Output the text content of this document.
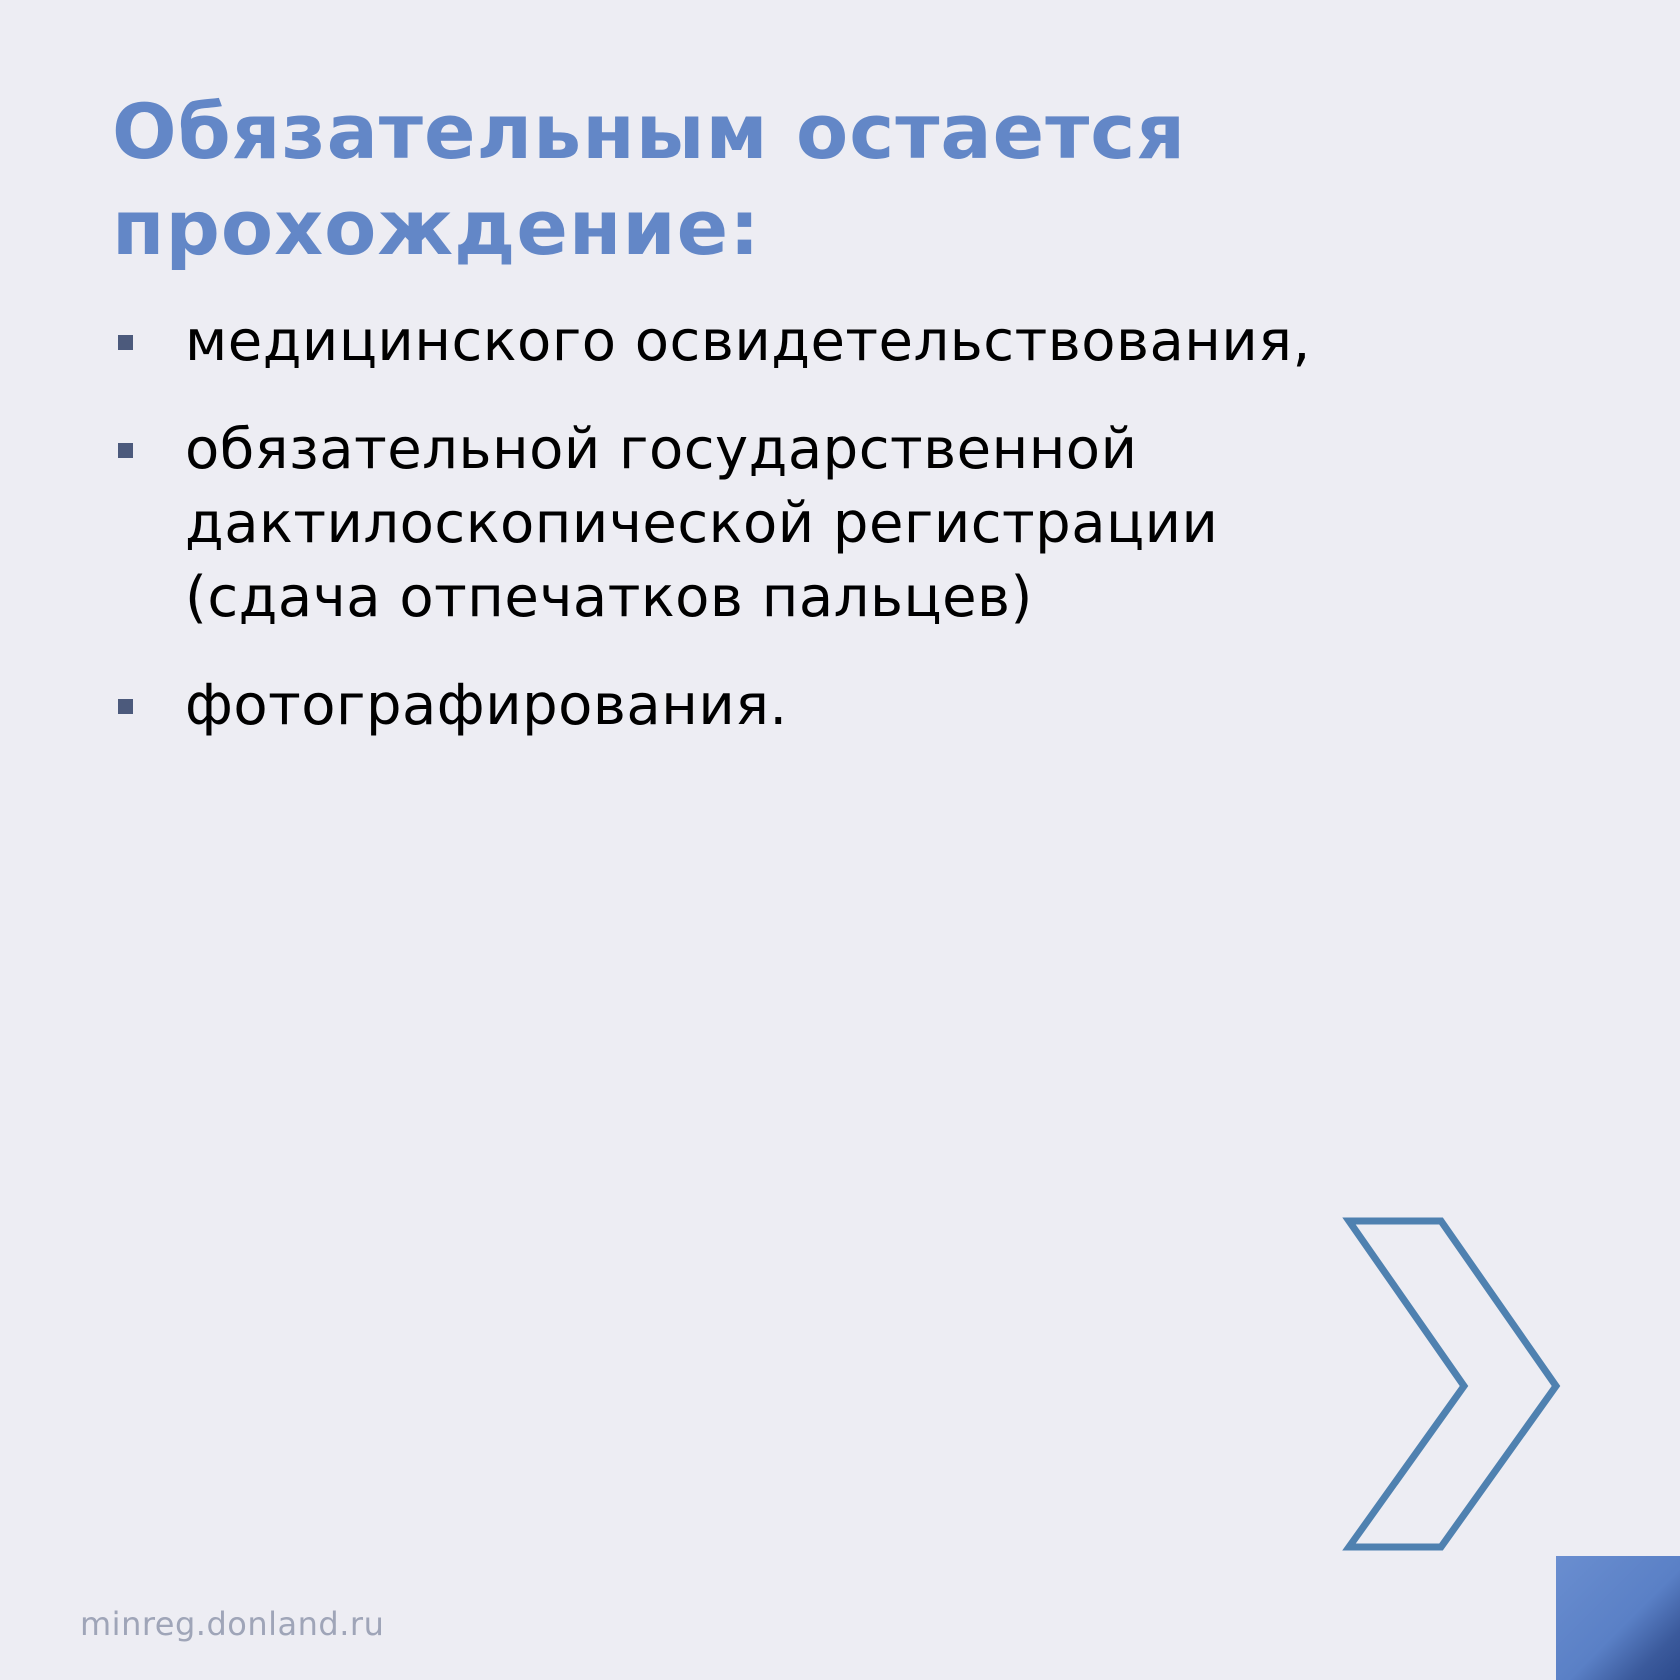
Обязательным остается прохождение:
медицинского освидетельствования,
обязательной государственной дактилоскопической регистрации (сдача отпечатков пальцев)
фотографирования.
minreg.donland.ru
